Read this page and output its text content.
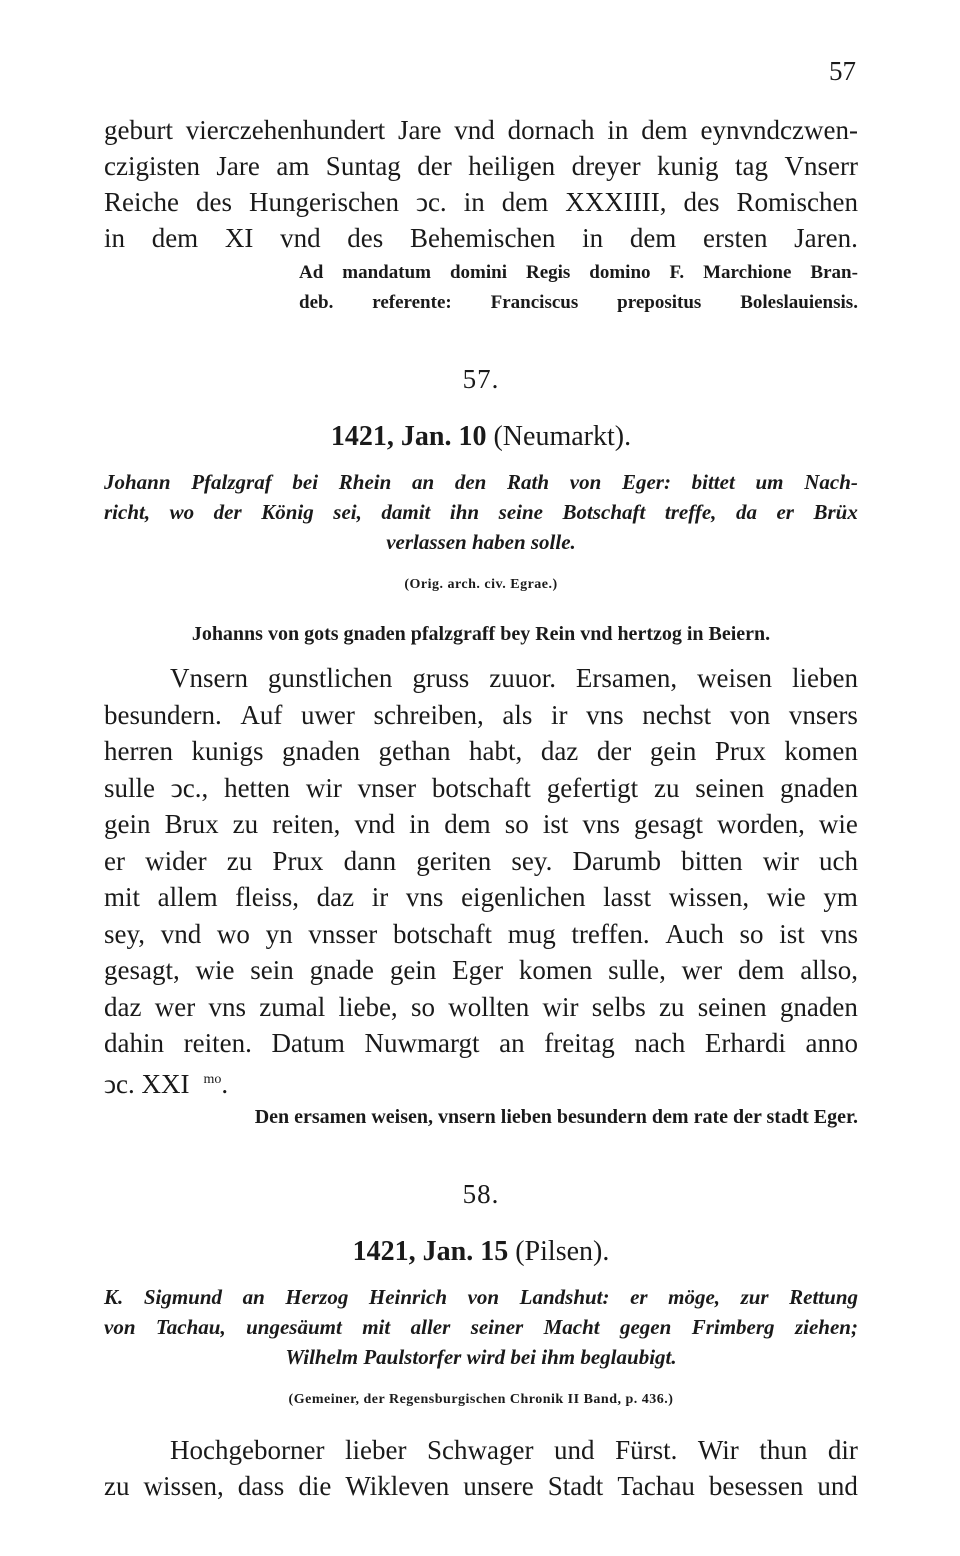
57
geburt vierczehenhundert Jare vnd dornach in dem eynvndczwen-
czigisten Jare am Suntag der heiligen dreyer kunig tag Vnserr
Reiche des Hungerischen ↄc. in dem XXXIIII, des Romischen
in dem XI vnd des Behemischen in dem ersten Jaren.
Ad mandatum domini Regis domino F. Marchione Bran-
deb. referente: Franciscus prepositus Boleslauiensis.
57.
1421, Jan. 10 (Neumarkt).
Johann Pfalzgraf bei Rhein an den Rath von Eger: bittet um Nach-
richt, wo der König sei, damit ihn seine Botschaft treffe, da er Brüx
verlassen haben solle.
(Orig. arch. civ. Egrae.)
Johanns von gots gnaden pfalzgraff bey Rein vnd hertzog in Beiern.
Vnsern gunstlichen gruss zuuor. Ersamen, weisen lieben
besundern. Auf uwer schreiben, als ir vns nechst von vnsers
herren kunigs gnaden gethan habt, daz der gein Prux komen
sulle ↄc., hetten wir vnser botschaft gefertigt zu seinen gnaden
gein Brux zu reiten, vnd in dem so ist vns gesagt worden, wie
er wider zu Prux dann geriten sey. Darumb bitten wir uch
mit allem fleiss, daz ir vns eigenlichen lasst wissen, wie ym
sey, vnd wo yn vnsser botschaft mug treffen. Auch so ist vns
gesagt, wie sein gnade gein Eger komen sulle, wer dem allso,
daz wer vns zumal liebe, so wollten wir selbs zu seinen gnaden
dahin reiten. Datum Nuwmargt an freitag nach Erhardi anno
ↄc. XXI $^{mo}$.
Den ersamen weisen, vnsern lieben besundern dem rate der stadt Eger.
58.
1421, Jan. 15 (Pilsen).
K. Sigmund an Herzog Heinrich von Landshut: er möge, zur Rettung
von Tachau, ungesäumt mit aller seiner Macht gegen Frimberg ziehen;
Wilhelm Paulstorfer wird bei ihm beglaubigt.
(Gemeiner, der Regensburgischen Chronik II Band, p. 436.)
Hochgeborner lieber Schwager und Fürst. Wir thun dir
zu wissen, dass die Wikleven unsere Stadt Tachau besessen und
